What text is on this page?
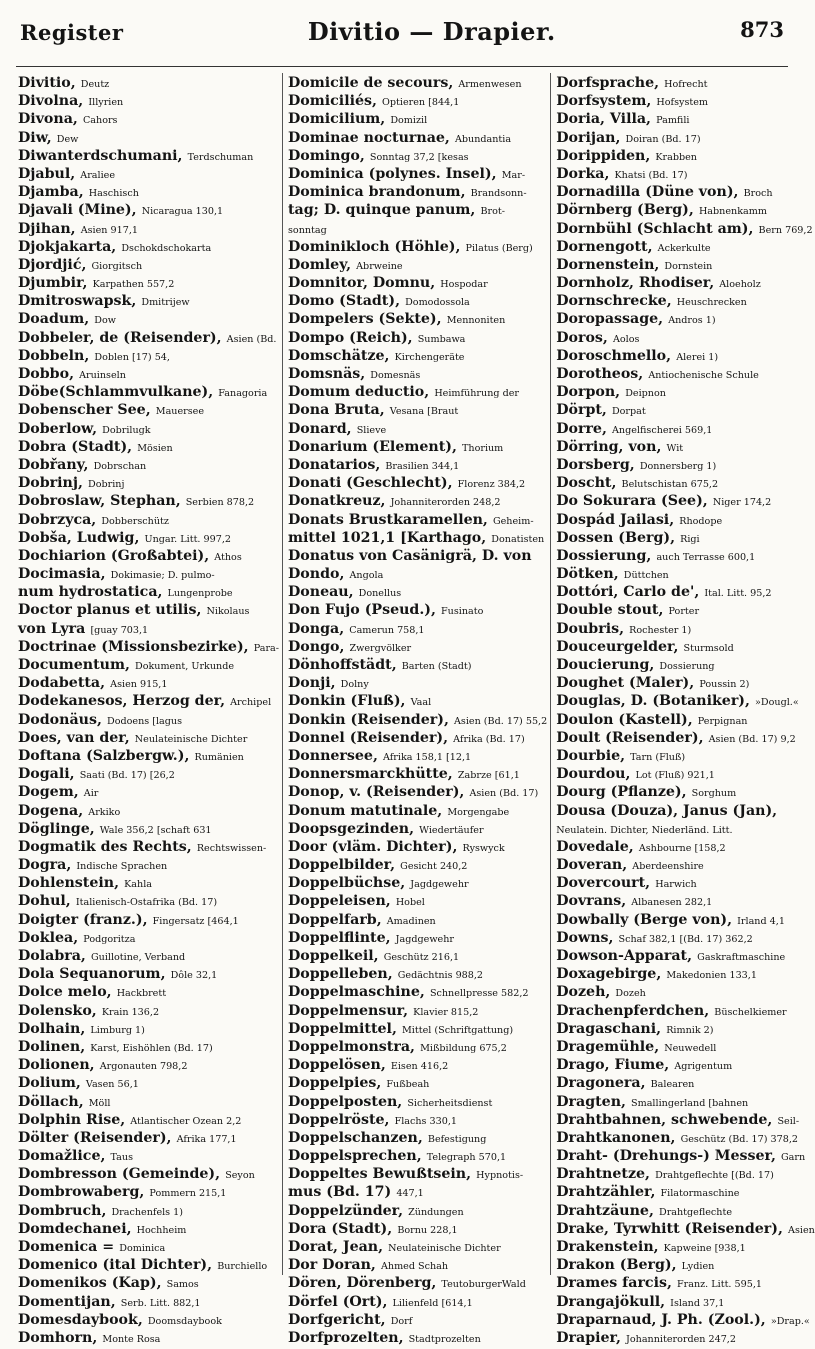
Register	Divitio — Drapier.	873
Divitio, Deutz
Divolna, Illyrien
Divona, Cahors
Diw, Dew
Diwanterdschumani, Terdschuman
Djabul, Araliee
Djamba, Haschisch
Djavali (Mine), Nicaragua 130,1
Djihan, Asien 917,1
Djokjakarta, Dschokdschokarta
Djordjić, Giorgitsch
Djumbir, Karpathen 557,2
Dmitroswapsk, Dmitrijew
Doadum, Dow
Dobbeler, de (Reisender), Asien (Bd.
Dobbeln, Doblen [17) 54,
Dobbo, Aruinseln
Döbe(Schlammvulkane), Fanagoria
Dobenscher See, Mauersee
Doberlow, Dobrilugk
Dobra (Stadt), Mösien
Dobřany, Dobrschan
Dobrinj, Dobrinj
Dobroslaw, Stephan, Serbien 878,2
Dobrzyca, Dobberschütz
Dobša, Ludwig, Ungar. Litt. 997,2
Dochiarion (Großabtei), Athos
Docimasia, Dokimasie; D. pulmo-
num hydrostatica, Lungenprobe
Doctor planus et utilis, Nikolaus
von Lyra [guay 703,1
Doctrinae (Missionsbezirke), Para-
Documentum, Dokument, Urkunde
Dodabetta, Asien 915,1
Dodekanesos, Herzog der, Archipel
Dodonäus, Dodoens [lagus
Does, van der, Neulateinische Dichter
Doftana (Salzbergw.), Rumänien
Dogali, Saati (Bd. 17) [26,2
Dogem, Air
Dogena, Arkiko
Döglinge, Wale 356,2 [schaft 631
Dogmatik des Rechts, Rechtswissen-
Dogra, Indische Sprachen
Dohlenstein, Kahla
Dohul, Italienisch-Ostafrika (Bd. 17)
Doigter (franz.), Fingersatz [464,1
Doklea, Podgoritza
Dolabra, Guillotine, Verband
Dola Sequanorum, Dôle 32,1
Dolce melo, Hackbrett
Dolensko, Krain 136,2
Dolhain, Limburg 1)
Dolinen, Karst, Eishöhlen (Bd. 17)
Dolionen, Argonauten 798,2
Dolium, Vasen 56,1
Döllach, Möll
Dolphin Rise, Atlantischer Ozean 2,2
Dölter (Reisender), Afrika 177,1
Domažlice, Taus
Dombresson (Gemeinde), Seyon
Dombrowaberg, Pommern 215,1
Dombruch, Drachenfels 1)
Domdechanei, Hochheim
Domenica = Dominica
Domenico (ital Dichter), Burchiello
Domenikos (Kap), Samos
Domentijan, Serb. Litt. 882,1
Domesdaybook, Doomsdaybook
Domhorn, Monte Rosa
Domicile de secours, Armenwesen
Domiciliés, Optieren [844,1
Domicilium, Domizil
Dominae nocturnae, Abundantia
Domingo, Sonntag 37,2 [kesas
Dominica (polynes. Insel), Mar-
Dominica brandonum, Brandsonn-
tag; D. quinque panum, Brot-
sonntag
Dominikloch (Höhle), Pilatus (Berg)
Domley, Abrweine
Domnitor, Domnu, Hospodar
Domo (Stadt), Domodossola
Dompelers (Sekte), Mennoniten
Dompo (Reich), Sumbawa
Domschätze, Kirchengeräte
Domsnäs, Domesnäs
Domum deductio, Heimführung der
Dona Bruta, Vesana [Braut
Donard, Slieve
Donarium (Element), Thorium
Donatarios, Brasilien 344,1
Donati (Geschlecht), Florenz 384,2
Donatkreuz, Johanniterorden 248,2
Donats Brustkaramellen, Geheim-
mittel 1021,1 [Karthago, Donatisten
Donatus von Casänigrä, D. von
Dondo, Angola
Doneau, Donellus
Don Fujo (Pseud.), Fusinato
Donga, Camerun 758,1
Dongo, Zwergvölker
Dönhoffstädt, Barten (Stadt)
Donji, Dolny
Donkin (Fluß), Vaal
Donkin (Reisender), Asien (Bd. 17) 55,2
Donnel (Reisender), Afrika (Bd. 17)
Donnersee, Afrika 158,1 [12,1
Donnersmarckhütte, Zabrze [61,1
Donop, v. (Reisender), Asien (Bd. 17)
Donum matutinale, Morgengabe
Doopsgezinden, Wiedertäufer
Door (vläm. Dichter), Ryswyck
Doppelbilder, Gesicht 240,2
Doppelbüchse, Jagdgewehr
Doppeleisen, Hobel
Doppelfarb, Amadinen
Doppelflinte, Jagdgewehr
Doppelkeil, Geschütz 216,1
Doppelleben, Gedächtnis 988,2
Doppelmaschine, Schnellpresse 582,2
Doppelmensur, Klavier 815,2
Doppelmittel, Mittel (Schriftgattung)
Doppelmonstra, Mißbildung 675,2
Doppelösen, Eisen 416,2
Doppelpies, Fußbeah
Doppelposten, Sicherheitsdienst
Doppelröste, Flachs 330,1
Doppelschanzen, Befestigung
Doppelsprechen, Telegraph 570,1
Doppeltes Bewußtsein, Hypnotis-
mus (Bd. 17) 447,1
Doppelzünder, Zündungen
Dora (Stadt), Bornu 228,1
Dorat, Jean, Neulateinische Dichter
Dor Doran, Ahmed Schah
Dören, Dörenberg, TeutoburgerWald
Dörfel (Ort), Lilienfeld [614,1
Dorfgericht, Dorf
Dorfprozelten, Stadtprozelten
Dorfsprache, Hofrecht
Dorfsystem, Hofsystem
Doria, Villa, Pamfili
Dorijan, Doiran (Bd. 17)
Dorippiden, Krabben
Dorka, Khatsi (Bd. 17)
Dornadilla (Düne von), Broch
Dörnberg (Berg), Habnenkamm
Dornbühl (Schlacht am), Bern 769,2
Dornengott, Ackerkulte
Dornenstein, Dornstein
Dornholz, Rhodiser, Aloeholz
Dornschrecke, Heuschrecken
Doropassage, Andros 1)
Doros, Aolos
Doroschmello, Alerei 1)
Dorotheos, Antiochenische Schule
Dorpon, Deipnon
Dörpt, Dorpat
Dorre, Angelfischerei 569,1
Dörring, von, Wit
Dorsberg, Donnersberg 1)
Doscht, Belutschistan 675,2
Do Sokurara (See), Niger 174,2
Dospád Jailasi, Rhodope
Dossen (Berg), Rigi
Dossierung, auch Terrasse 600,1
Dötken, Düttchen
Dottóri, Carlo de', Ital. Litt. 95,2
Double stout, Porter
Doubris, Rochester 1)
Douceurgelder, Sturmsold
Doucierung, Dossierung
Doughet (Maler), Poussin 2)
Douglas, D. (Botaniker), »Dougl.«
Doulon (Kastell), Perpignan
Doult (Reisender), Asien (Bd. 17) 9,2
Dourbie, Tarn (Fluß)
Dourdou, Lot (Fluß) 921,1
Dourg (Pflanze), Sorghum
Dousa (Douza), Janus (Jan),
Neulatein. Dichter, Niederländ. Litt.
Dovedale, Ashbourne [158,2
Doveran, Aberdeenshire
Dovercourt, Harwich
Dovrans, Albanesen 282,1
Dowbally (Berge von), Irland 4,1
Downs, Schaf 382,1 [(Bd. 17) 362,2
Dowson-Apparat, Gaskraftmaschine
Doxagebirge, Makedonien 133,1
Dozeh, Dozeh
Drachenpferdchen, Büschelkiemer
Dragaschani, Rimnik 2)
Dragemühle, Neuwedell
Drago, Fiume, Agrigentum
Dragonera, Balearen
Dragten, Smallingerland [bahnen
Drahtbahnen, schwebende, Seil-
Drahtkanonen, Geschütz (Bd. 17) 378,2
Draht- (Drehungs-) Messer, Garn
Drahtnetze, Drahtgeflechte [(Bd. 17)
Drahtzähler, Filatormaschine
Drahtzäune, Drahtgeflechte
Drake, Tyrwhitt (Reisender), Asien
Drakenstein, Kapweine [938,1
Drakon (Berg), Lydien
Drames farcis, Franz. Litt. 595,1
Drangajökull, Island 37,1
Draparnaud, J. Ph. (Zool.), »Drap.«
Drapier, Johanniterorden 247,2
